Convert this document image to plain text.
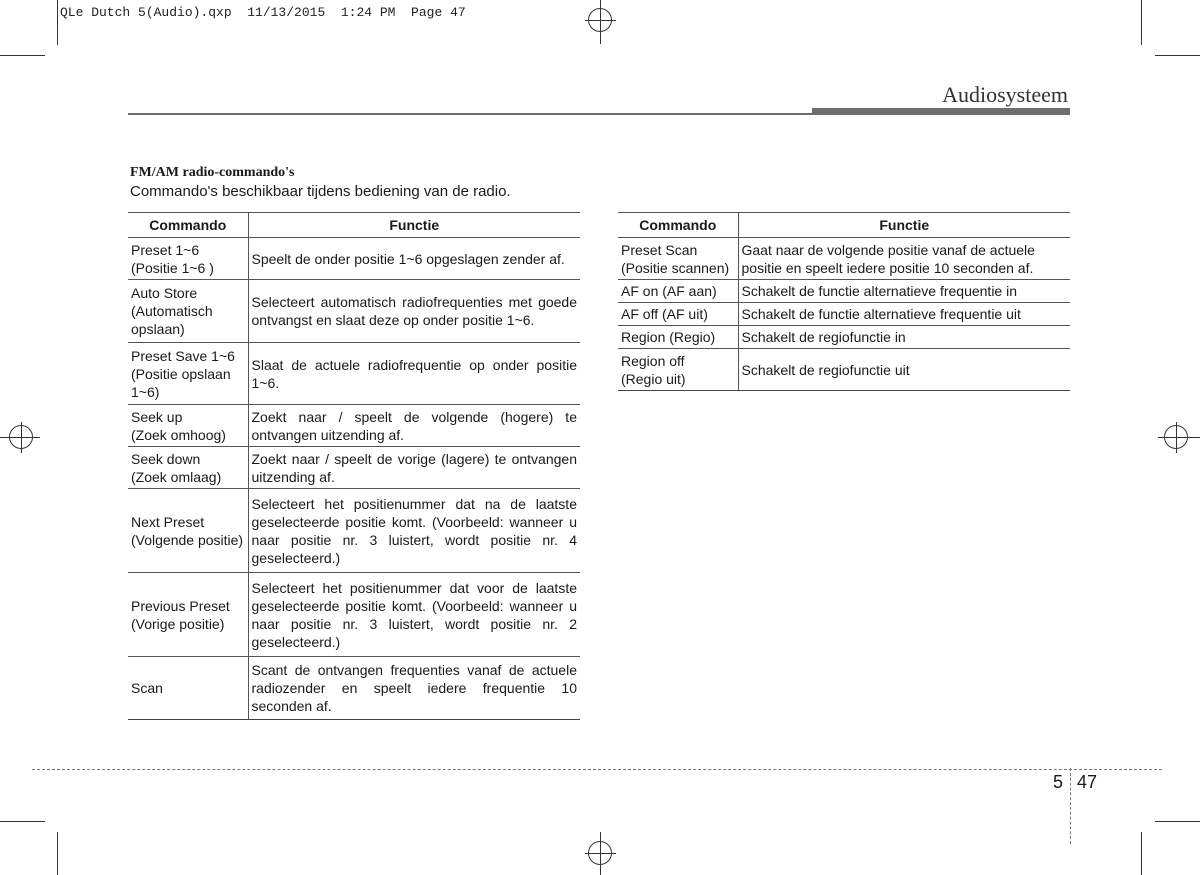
QLe Dutch 5(Audio).qxp  11/13/2015  1:24 PM  Page 47
Audiosysteem
FM/AM radio-commando's
Commando's beschikbaar tijdens bediening van de radio.
Commando	Functie
Preset 1~6
(Positie 1~6 )	Speelt de onder positie 1~6 opgeslagen zender af.
Auto Store
(Automatisch opslaan)	Selecteert automatisch radiofrequenties met goede ontvangst en slaat deze op onder positie 1~6.
Preset Save 1~6
(Positie opslaan 1~6)	Slaat de actuele radiofrequentie op onder positie 1~6.
Seek up
(Zoek omhoog)	Zoekt naar / speelt de volgende (hogere) te ontvangen uitzending af.
Seek down
(Zoek omlaag)	Zoekt naar / speelt de vorige (lagere) te ontvangen uitzending af.
Next Preset
(Volgende positie)	Selecteert het positienummer dat na de laatste geselecteerde positie komt. (Voorbeeld: wanneer u naar positie nr. 3 luistert, wordt positie nr. 4 geselecteerd.)
Previous Preset
(Vorige positie)	Selecteert het positienummer dat voor de laatste geselecteerde positie komt. (Voorbeeld: wanneer u naar positie nr. 3 luistert, wordt positie nr. 2 geselecteerd.)
Scan	Scant de ontvangen frequenties vanaf de actuele radiozender en speelt iedere frequentie 10 seconden af.
Commando	Functie
Preset Scan
(Positie scannen)	Gaat naar de volgende positie vanaf de actuele positie en speelt iedere positie 10 seconden af.
AF on (AF aan)	Schakelt de functie alternatieve frequentie in
AF off (AF uit)	Schakelt de functie alternatieve frequentie uit
Region (Regio)	Schakelt de regiofunctie in
Region off
(Regio uit)	Schakelt de regiofunctie uit
5 47
